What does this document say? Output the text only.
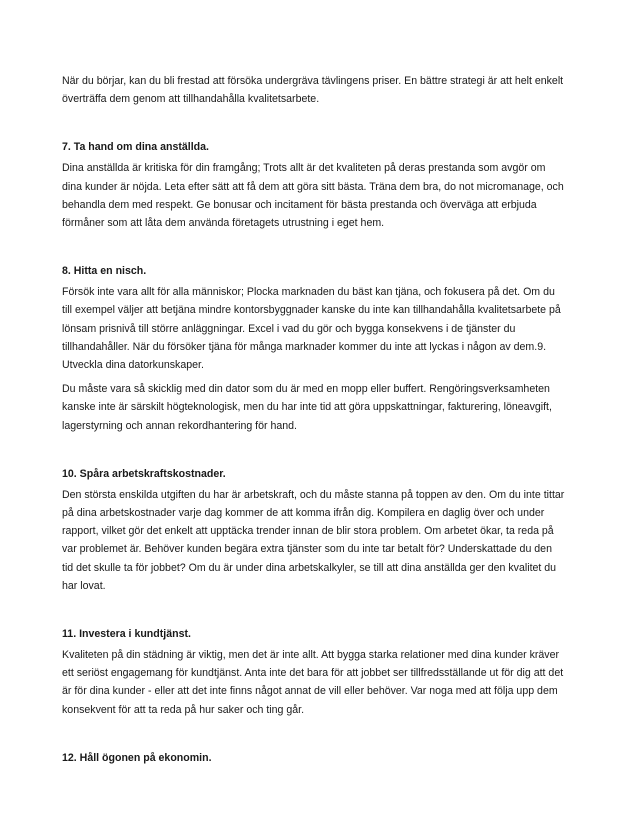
När du börjar, kan du bli frestad att försöka undergräva tävlingens priser. En bättre strategi är att helt enkelt överträffa dem genom att tillhandahålla kvalitetsarbete.

7. Ta hand om dina anställda.

Dina anställda är kritiska för din framgång; Trots allt är det kvaliteten på deras prestanda som avgör om dina kunder är nöjda. Leta efter sätt att få dem att göra sitt bästa. Träna dem bra, do not micromanage, och behandla dem med respekt. Ge bonusar och incitament för bästa prestanda och överväga att erbjuda förmåner som att låta dem använda företagets utrustning i eget hem.

8. Hitta en nisch.

Försök inte vara allt för alla människor; Plocka marknaden du bäst kan tjäna, och fokusera på det. Om du till exempel väljer att betjäna mindre kontorsbyggnader kanske du inte kan tillhandahålla kvalitetsarbete på lönsam prisnivå till större anläggningar. Excel i vad du gör och bygga konsekvens i de tjänster du tillhandahåller. När du försöker tjäna för många marknader kommer du inte att lyckas i någon av dem.9. Utveckla dina datorkunskaper.

Du måste vara så skicklig med din dator som du är med en mopp eller buffert. Rengöringsverksamheten kanske inte är särskilt högteknologisk, men du har inte tid att göra uppskattningar, fakturering, löneavgift, lagerstyrning och annan rekordhantering för hand.

10. Spåra arbetskraftskostnader.

Den största enskilda utgiften du har är arbetskraft, och du måste stanna på toppen av den. Om du inte tittar på dina arbetskostnader varje dag kommer de att komma ifrån dig. Kompilera en daglig över och under rapport, vilket gör det enkelt att upptäcka trender innan de blir stora problem. Om arbetet ökar, ta reda på var problemet är. Behöver kunden begära extra tjänster som du inte tar betalt för? Underskattade du den tid det skulle ta för jobbet? Om du är under dina arbetskalkyler, se till att dina anställda ger den kvalitet du har lovat.

11. Investera i kundtjänst.

Kvaliteten på din städning är viktig, men det är inte allt. Att bygga starka relationer med dina kunder kräver ett seriöst engagemang för kundtjänst. Anta inte det bara för att jobbet ser tillfredsställande ut för dig att det är för dina kunder - eller att det inte finns något annat de vill eller behöver. Var noga med att följa upp dem konsekvent för att ta reda på hur saker och ting går.

12. Håll ögonen på ekonomin.
